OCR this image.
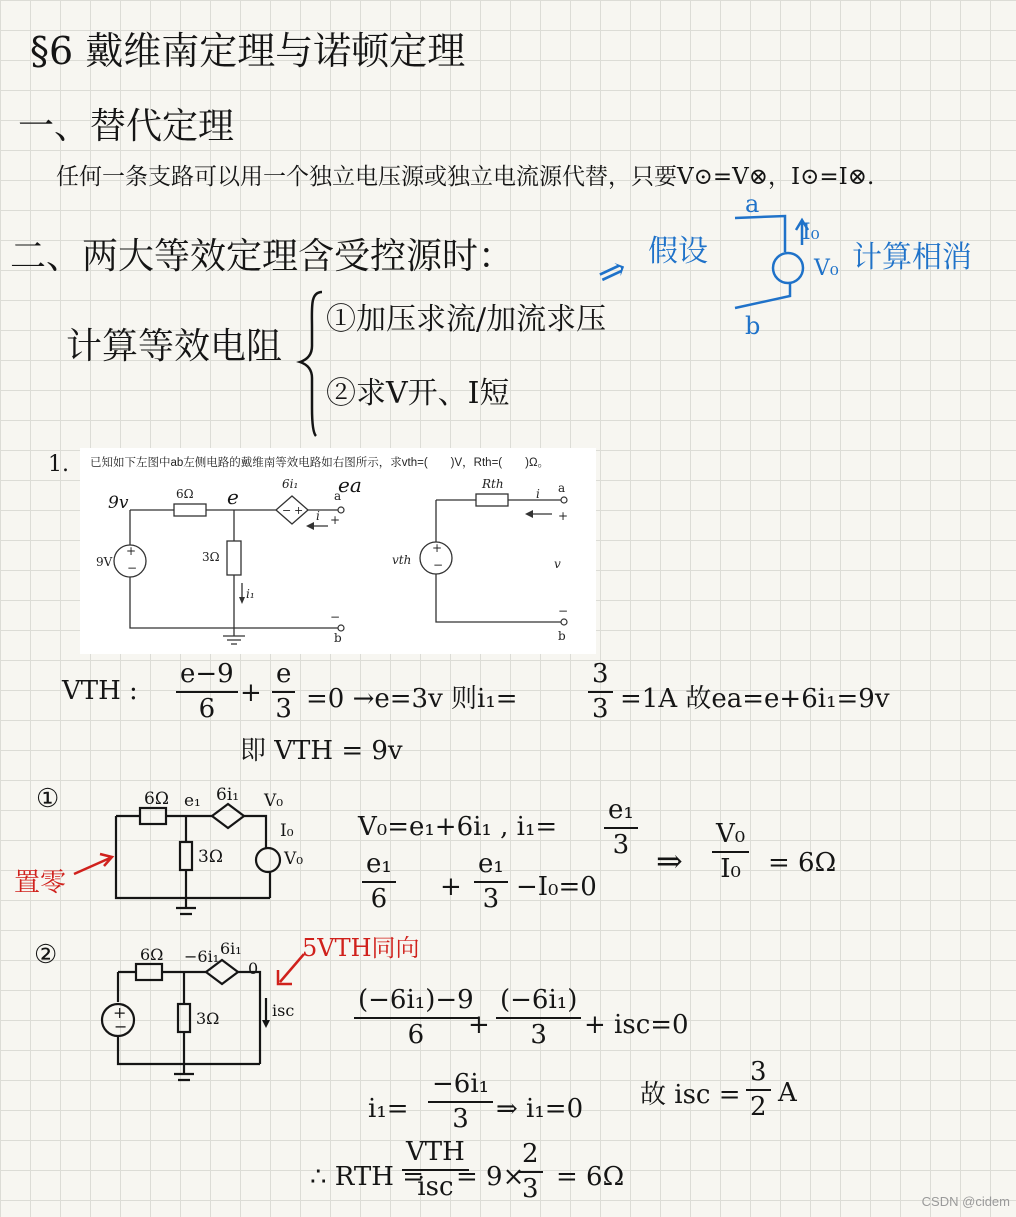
§6 戴维南定理与诺顿定理
一、替代定理
任何一条支路可以用一个独立电压源或独立电流源代替，只要V⊙=V⊗，I⊙=I⊗.
二、两大等效定理含受控源时： ⇒ 假设
a
b
I₀
V₀ 计算相消
计算等效电阻
①加压求流/加流求压
②求V开、I短
1. 已知如下左图中ab左侧电路的戴维南等效电路如右图所示，求vth=(　　)V，Rth=(　　)Ω。
+
−
− +
6Ω
3Ω
9V
6i₁
i
i₁
a
+
−
b
e
9v
ea
+
−
Rth
vth	v
i a
+
−
b
VTH : $\frac{e-9}{6} + \frac{e}{3} =0 \to e=3v$ 则i₁=	$\frac{3}{3} =1A$ 故ea=e+6i₁=9v
即 VTH = 9v
①
置零
6Ω
3Ω
e₁ 6i₁ V₀
I₀
V₀
V₀=e₁+6i₁ , $i_1= \frac{\text{e₁}}{3}$
$\frac{\text{e₁}}{6} + \frac{\text{e₁}}{3} -I_0=0$
⇒ $\frac{\text{V₀}}{\text{I₀}} = 6\Omega$
②	5VTH同向
+
−
6Ω
3Ω
−6i₁ 6i₁
0
isc $\frac{\text{(−6i₁)−9}}{6}$
+ $\frac{\text{(−6i₁)}}{3} + isc=0$
$i_1= \frac{\text{−6i₁}}{3}$ ⇒ i₁=0 故 isc = $\frac{3}{2}$ A
∴ RTH =
VTH
isc = 9×
$\frac{2}{3} = 6\Omega$
CSDN @cidem
